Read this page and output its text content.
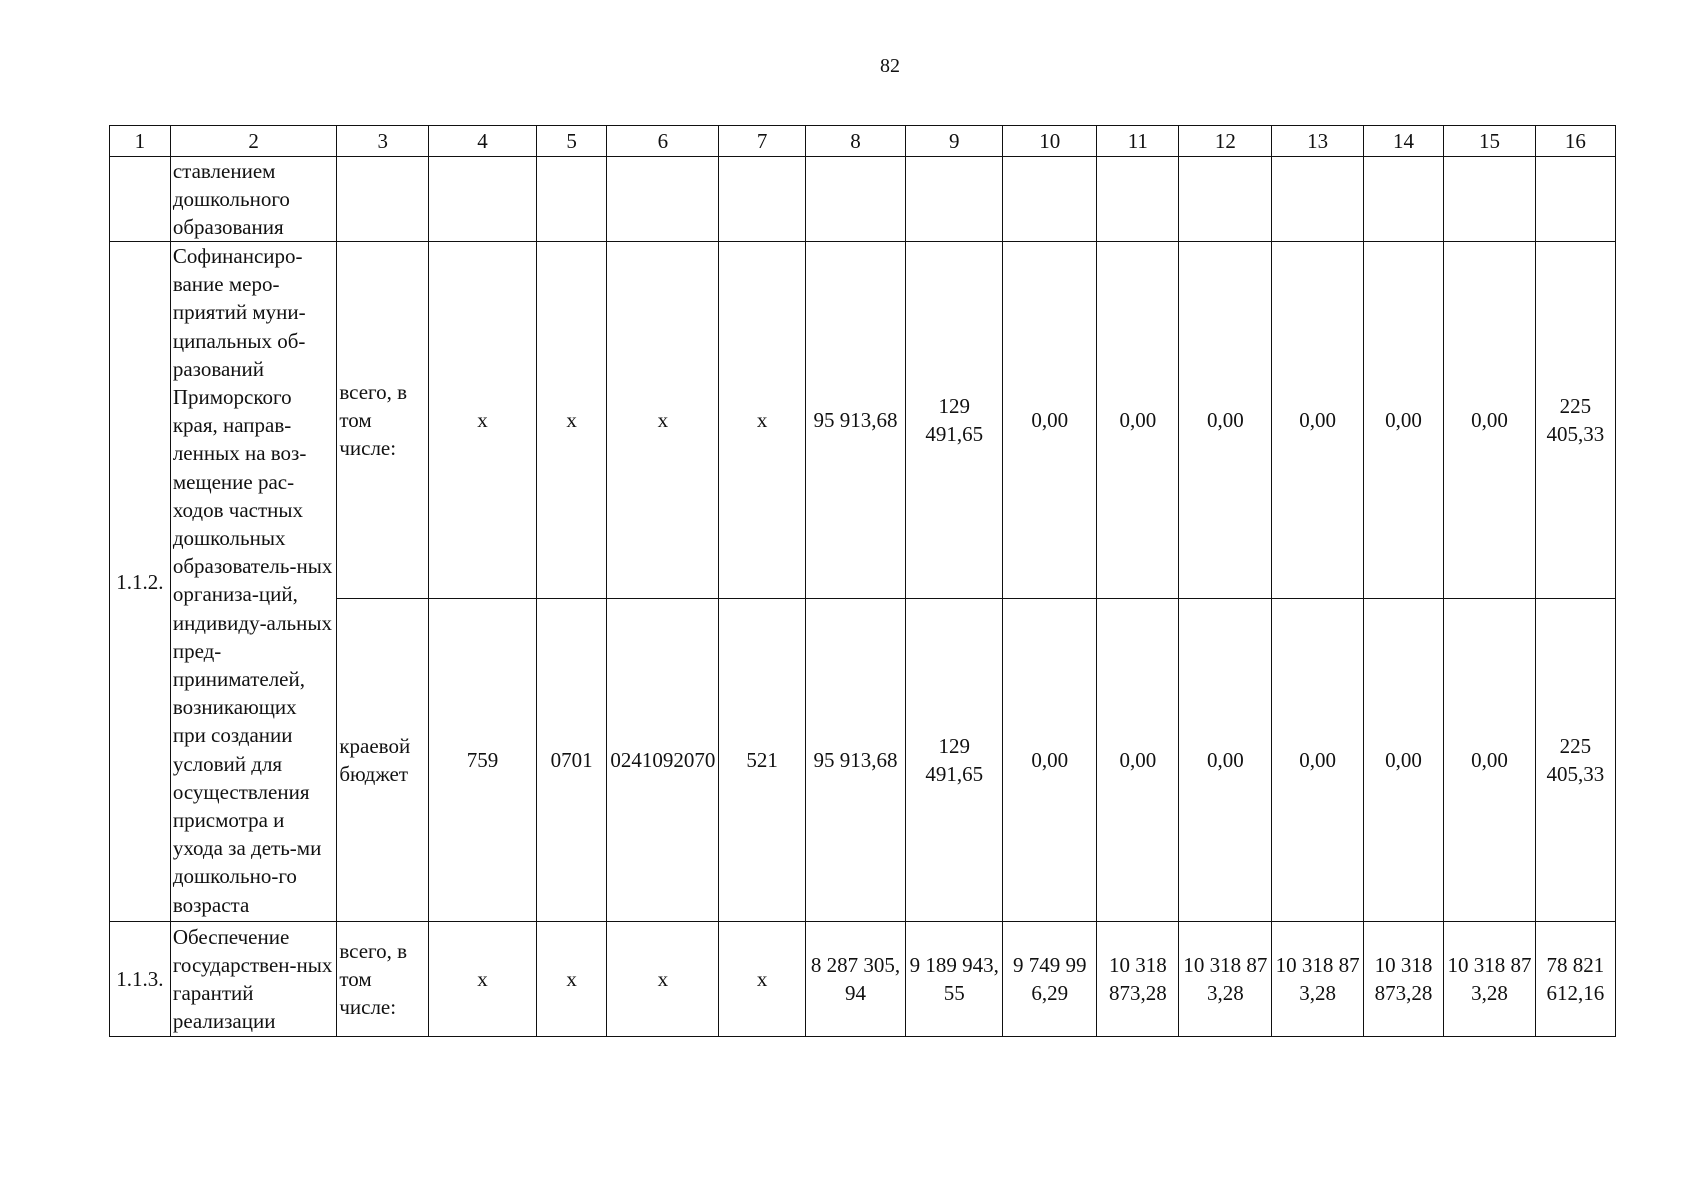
82
1	2	3	4	5	6	7	8	9	10	11	12	13	14	15	16
	ставлением дошкольного образования														
1.1.2.	Софинансиро-вание меро-приятий муни-ципальных об-разований Приморского края, направ-ленных на воз-мещение рас-ходов частных дошкольных образователь-ных организа-ций, индивиду-альных пред-принимателей, возникающих при создании условий для осуществления присмотра и ухода за деть-ми дошкольно-го возраста	всего, в том числе:	х	х	х	х	95 913,68	129 491,65	0,00	0,00	0,00	0,00	0,00	0,00	225 405,33
		краевой бюджет	759	0701	0241092070	521	95 913,68	129 491,65	0,00	0,00	0,00	0,00	0,00	0,00	225 405,33
1.1.3.	Обеспечение государствен-ных гарантий реализации	всего, в том числе:	х	х	х	х	8 287 305,94	9 189 943,55	9 749 996,29	10 318 873,28	10 318 873,28	10 318 873,28	10 318 873,28	10 318 873,28	78 821 612,16
